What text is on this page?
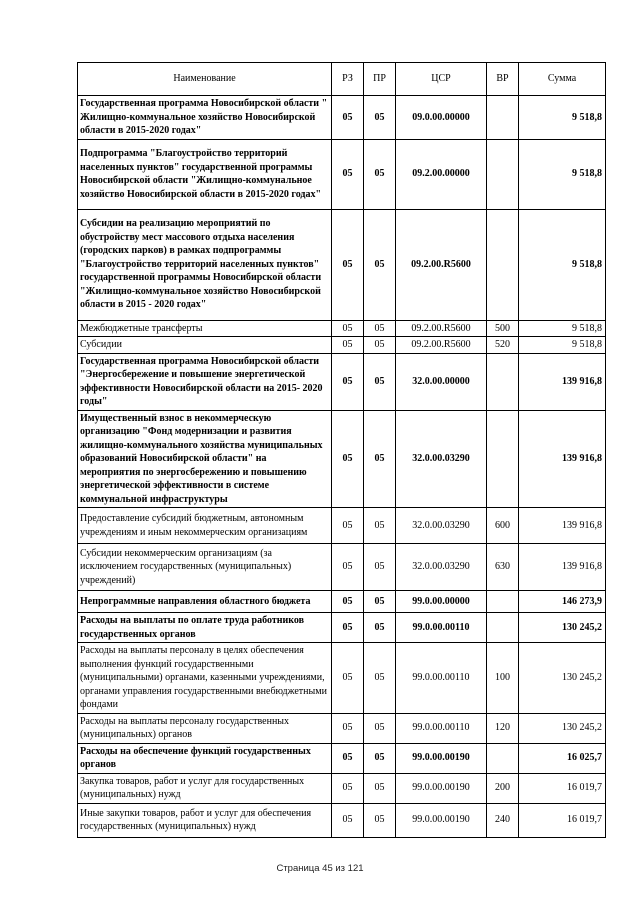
Наименование	РЗ	ПР	ЦСР	ВР	Сумма
Государственная программа Новосибирской области " Жилищно-коммунальное хозяйство Новосибирской области в 2015-2020 годах"	05	05	09.0.00.00000		9 518,8
Подпрограмма "Благоустройство территорий населенных пунктов" государственной программы Новосибирской области "Жилищно-коммунальное хозяйство Новосибирской области в 2015-2020 годах"	05	05	09.2.00.00000		9 518,8
Субсидии на реализацию мероприятий по обустройству мест массового отдыха населения (городских парков) в рамках подпрограммы "Благоустройство территорий населенных пунктов" государственной программы Новосибирской области "Жилищно-коммунальное хозяйство Новосибирской области в 2015 - 2020 годах"	05	05	09.2.00.R5600		9 518,8
Межбюджетные трансферты	05	05	09.2.00.R5600	500	9 518,8
Субсидии	05	05	09.2.00.R5600	520	9 518,8
Государственная программа Новосибирской области "Энергосбережение и повышение энергетической эффективности Новосибирской области на 2015- 2020 годы"	05	05	32.0.00.00000		139 916,8
Имущественный взнос в некоммерческую организацию "Фонд модернизации и развития жилищно-коммунального хозяйства муниципальных образований Новосибирской области" на мероприятия по энергосбережению и повышению энергетической эффективности в системе коммунальной инфраструктуры	05	05	32.0.00.03290		139 916,8
Предоставление субсидий бюджетным, автономным учреждениям и иным некоммерческим организациям	05	05	32.0.00.03290	600	139 916,8
Субсидии некоммерческим организациям (за исключением государственных (муниципальных) учреждений)	05	05	32.0.00.03290	630	139 916,8
Непрограммные направления областного бюджета	05	05	99.0.00.00000		146 273,9
Расходы на выплаты по оплате труда работников государственных органов	05	05	99.0.00.00110		130 245,2
Расходы на выплаты персоналу в целях обеспечения выполнения функций государственными (муниципальными) органами, казенными учреждениями, органами управления государственными внебюджетными фондами	05	05	99.0.00.00110	100	130 245,2
Расходы на выплаты персоналу государственных (муниципальных) органов	05	05	99.0.00.00110	120	130 245,2
Расходы на обеспечение функций государственных органов	05	05	99.0.00.00190		16 025,7
Закупка товаров, работ и услуг для государственных (муниципальных) нужд	05	05	99.0.00.00190	200	16 019,7
Иные закупки товаров, работ и услуг для обеспечения государственных (муниципальных) нужд	05	05	99.0.00.00190	240	16 019,7
Страница 45 из 121
